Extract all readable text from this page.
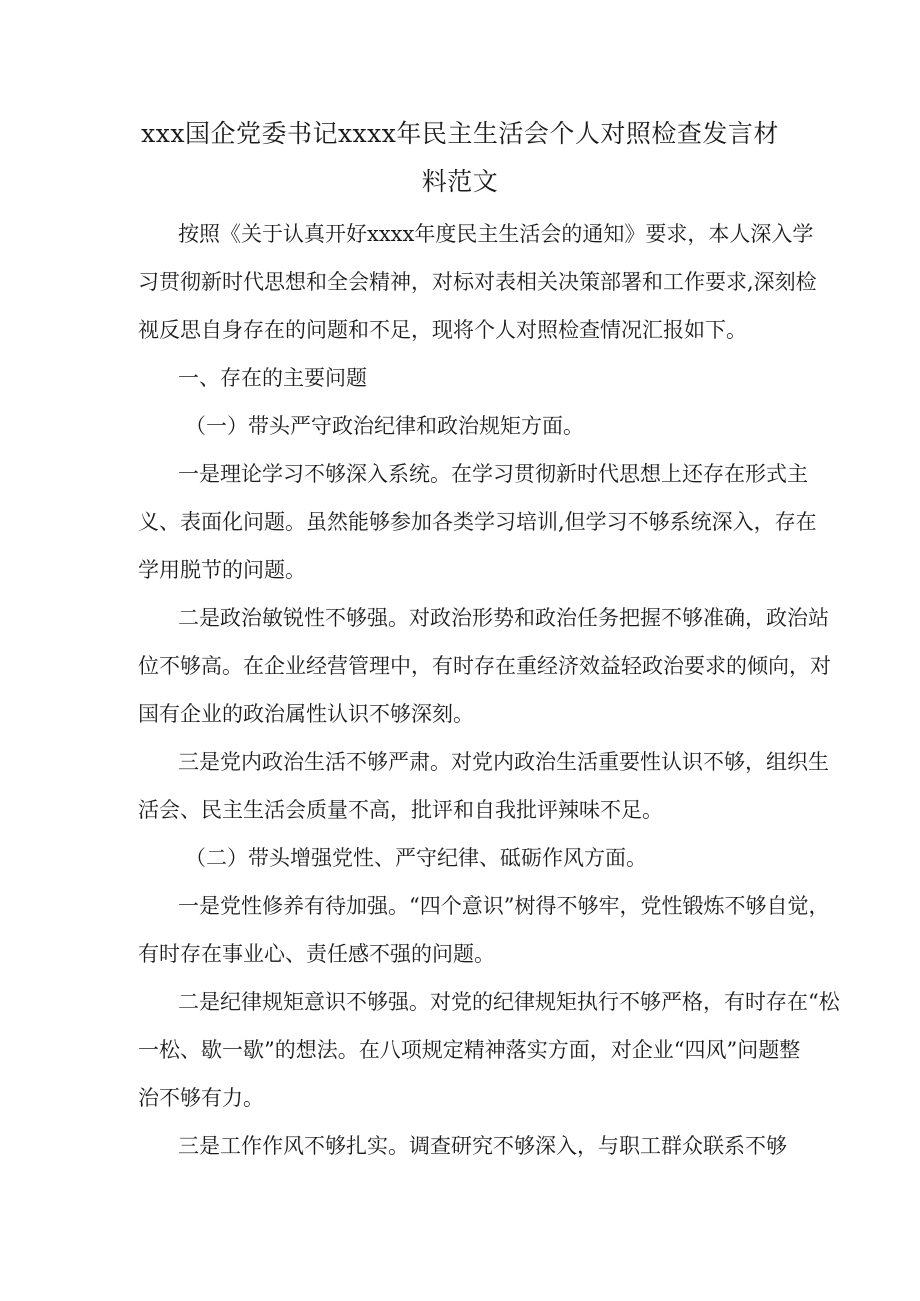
xxx国企党委书记xxxx年民主生活会个人对照检查发言材
料范文
按照《关于认真开好xxxx年度民主生活会的通知》要求，本人深入学
习贯彻新时代思想和全会精神，对标对表相关决策部署和工作要求,深刻检
视反思自身存在的问题和不足，现将个人对照检查情况汇报如下。
一、存在的主要问题
（一）带头严守政治纪律和政治规矩方面。
一是理论学习不够深入系统。在学习贯彻新时代思想上还存在形式主
义、表面化问题。虽然能够参加各类学习培训,但学习不够系统深入，存在
学用脱节的问题。
二是政治敏锐性不够强。对政治形势和政治任务把握不够准确，政治站
位不够高。在企业经营管理中，有时存在重经济效益轻政治要求的倾向，对
国有企业的政治属性认识不够深刻。
三是党内政治生活不够严肃。对党内政治生活重要性认识不够，组织生
活会、民主生活会质量不高，批评和自我批评辣味不足。
（二）带头增强党性、严守纪律、砥砺作风方面。
一是党性修养有待加强。“四个意识”树得不够牢，党性锻炼不够自觉，
有时存在事业心、责任感不强的问题。
二是纪律规矩意识不够强。对党的纪律规矩执行不够严格，有时存在“松
一松、歇一歇”的想法。在八项规定精神落实方面，对企业“四风”问题整
治不够有力。
三是工作作风不够扎实。调查研究不够深入，与职工群众联系不够
